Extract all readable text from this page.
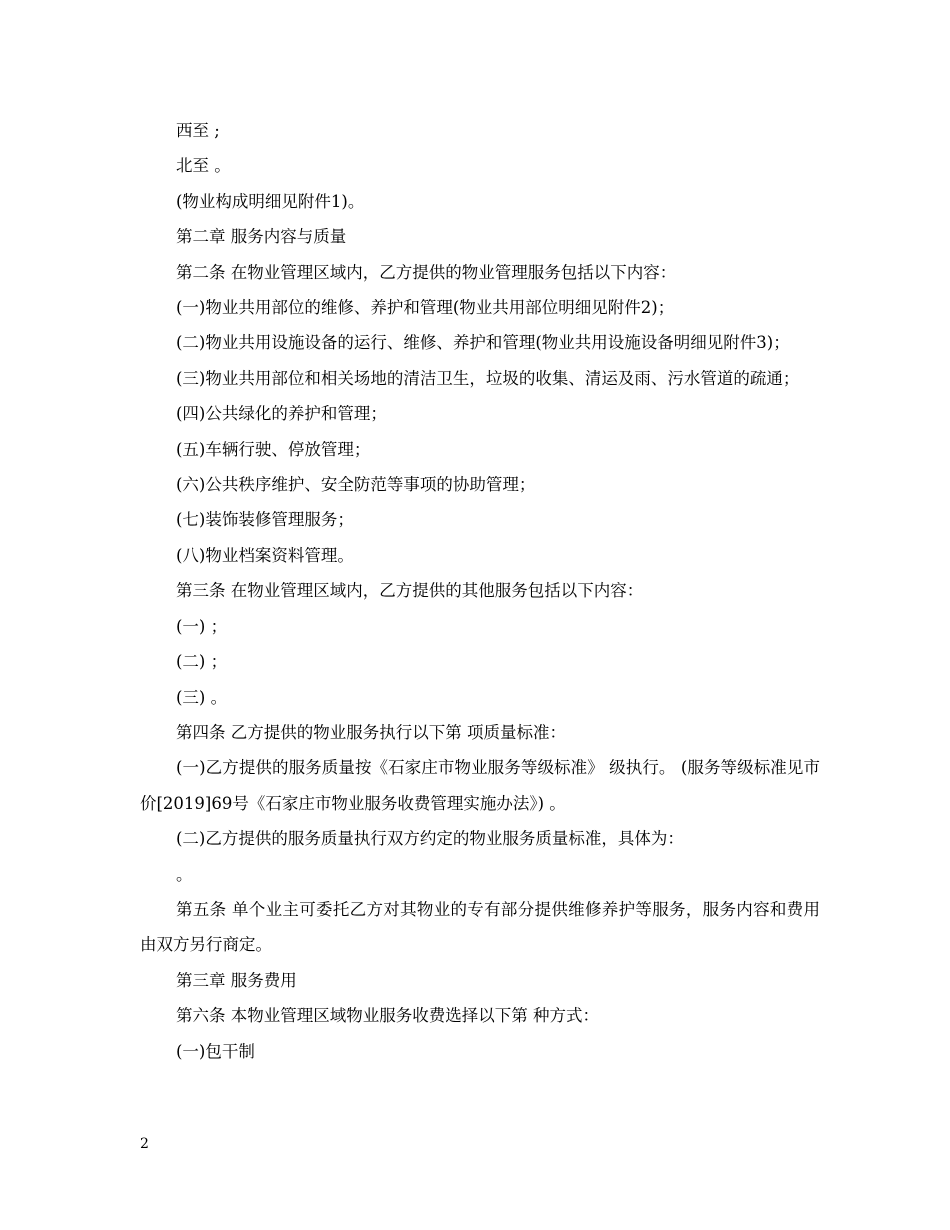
西至 ;

北至 。

(物业构成明细见附件1)。

第二章 服务内容与质量

第二条 在物业管理区域内，乙方提供的物业管理服务包括以下内容：

(一)物业共用部位的维修、养护和管理(物业共用部位明细见附件2)；

(二)物业共用设施设备的运行、维修、养护和管理(物业共用设施设备明细见附件3)；

(三)物业共用部位和相关场地的清洁卫生，垃圾的收集、清运及雨、污水管道的疏通；

(四)公共绿化的养护和管理；

(五)车辆行驶、停放管理；

(六)公共秩序维护、安全防范等事项的协助管理；

(七)装饰装修管理服务；

(八)物业档案资料管理。

第三条 在物业管理区域内，乙方提供的其他服务包括以下内容：

(一) ；

(二) ；

(三) 。

第四条 乙方提供的物业服务执行以下第 项质量标准：

(一)乙方提供的服务质量按《石家庄市物业服务等级标准》 级执行。 (服务等级标准见市价[2019]69号《石家庄市物业服务收费管理实施办法》) 。

(二)乙方提供的服务质量执行双方约定的物业服务质量标准，具体为：

。

第五条 单个业主可委托乙方对其物业的专有部分提供维修养护等服务，服务内容和费用由双方另行商定。

第三章 服务费用

第六条 本物业管理区域物业服务收费选择以下第 种方式：

(一)包干制

2
